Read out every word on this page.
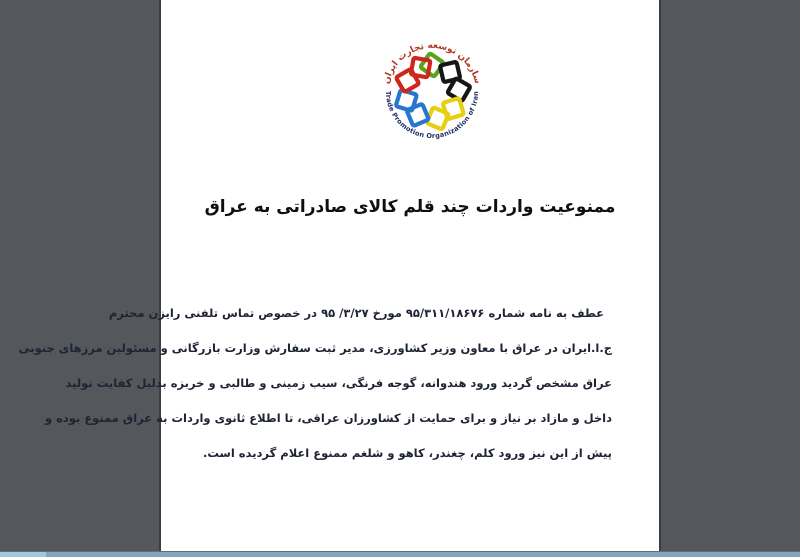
سازمان توسعه تجارت ایران
Trade Promotion Organization of Iran
ممنوعیت واردات چند قلم کالای صادراتی به عراق
عطف به نامه شماره ۹۵/۳۱۱/۱۸۶۷۶ مورخ ۳/۲۷/ ۹۵ در خصوص تماس تلفنی رایزن محترم
ج.ا.ایران در عراق با معاون وزیر کشاورزی، مدیر ثبت سفارش وزارت بازرگانی و مسئولین مرزهای جنوبی
عراق مشخص گردید ورود هندوانه، گوجه فرنگی، سیب زمینی و طالبی و خربزه بدلیل کفایت تولید
داخل و مازاد بر نیاز و برای حمایت از کشاورزان عراقی، تا اطلاع ثانوی واردات به عراق ممنوع بوده و
پیش از این نیز ورود کلم، چغندر، کاهو و شلغم ممنوع اعلام گردیده است.
